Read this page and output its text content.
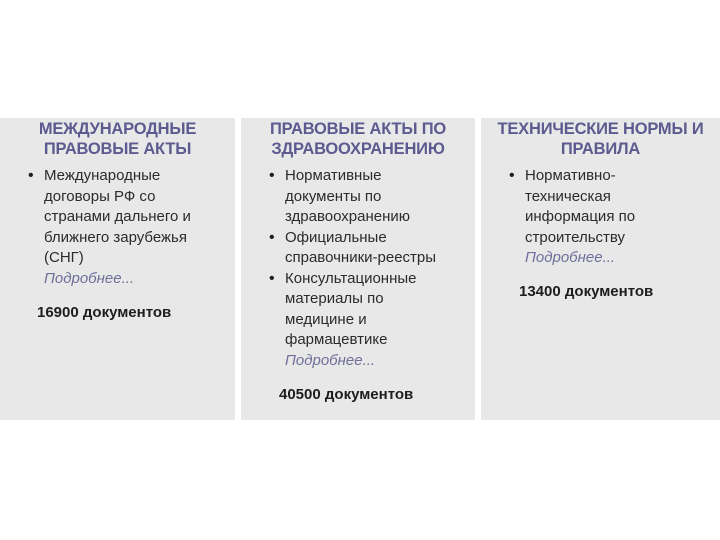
МЕЖДУНАРОДНЫЕ
ПРАВОВЫЕ АКТЫ
• Международные
договоры РФ со
странами дальнего и
ближнего зарубежья
(СНГ)
Подробнее...
16900 документов
ПРАВОВЫЕ АКТЫ ПО
ЗДРАВООХРАНЕНИЮ
• Нормативные
документы по
здравоохранению
• Официальные
справочники-реестры
• Консультационные
материалы по
медицине и
фармацевтике
Подробнее...
40500 документов
ТЕХНИЧЕСКИЕ НОРМЫ И
ПРАВИЛА
• Нормативно-
техническая
информация по
строительству
Подробнее...
13400 документов
